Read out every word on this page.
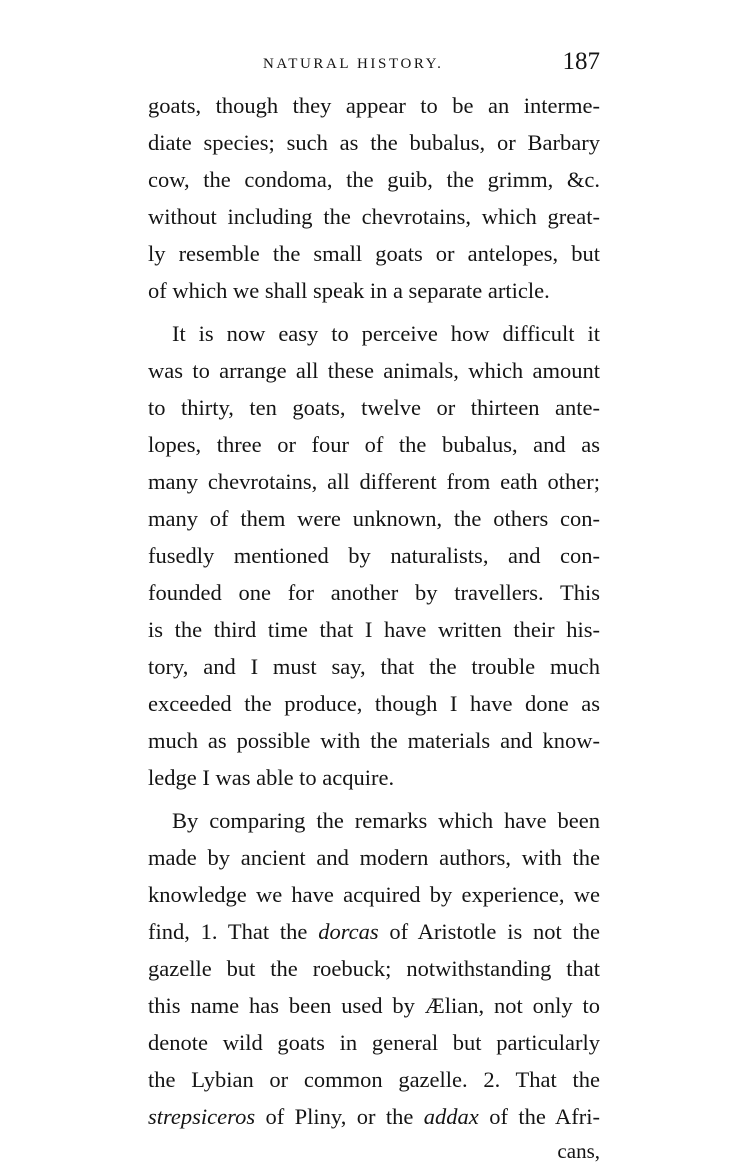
NATURAL HISTORY.	187
goats, though they appear to be an interme-
diate species; such as the bubalus, or Barbary
cow, the condoma, the guib, the grimm, &c.
without including the chevrotains, which great-
ly resemble the small goats or antelopes, but
of which we shall speak in a separate article.
It is now easy to perceive how difficult it
was to arrange all these animals, which amount
to thirty, ten goats, twelve or thirteen ante-
lopes, three or four of the bubalus, and as
many chevrotains, all different from eath other;
many of them were unknown, the others con-
fusedly mentioned by naturalists, and con-
founded one for another by travellers. This
is the third time that I have written their his-
tory, and I must say, that the trouble much
exceeded the produce, though I have done as
much as possible with the materials and know-
ledge I was able to acquire.
By comparing the remarks which have been
made by ancient and modern authors, with the
knowledge we have acquired by experience, we
find, 1. That the dorcas of Aristotle is not the
gazelle but the roebuck; notwithstanding that
this name has been used by Ælian, not only to
denote wild goats in general but particularly
the Lybian or common gazelle. 2. That the
strepsiceros of Pliny, or the addax of the Afri-
cans,
